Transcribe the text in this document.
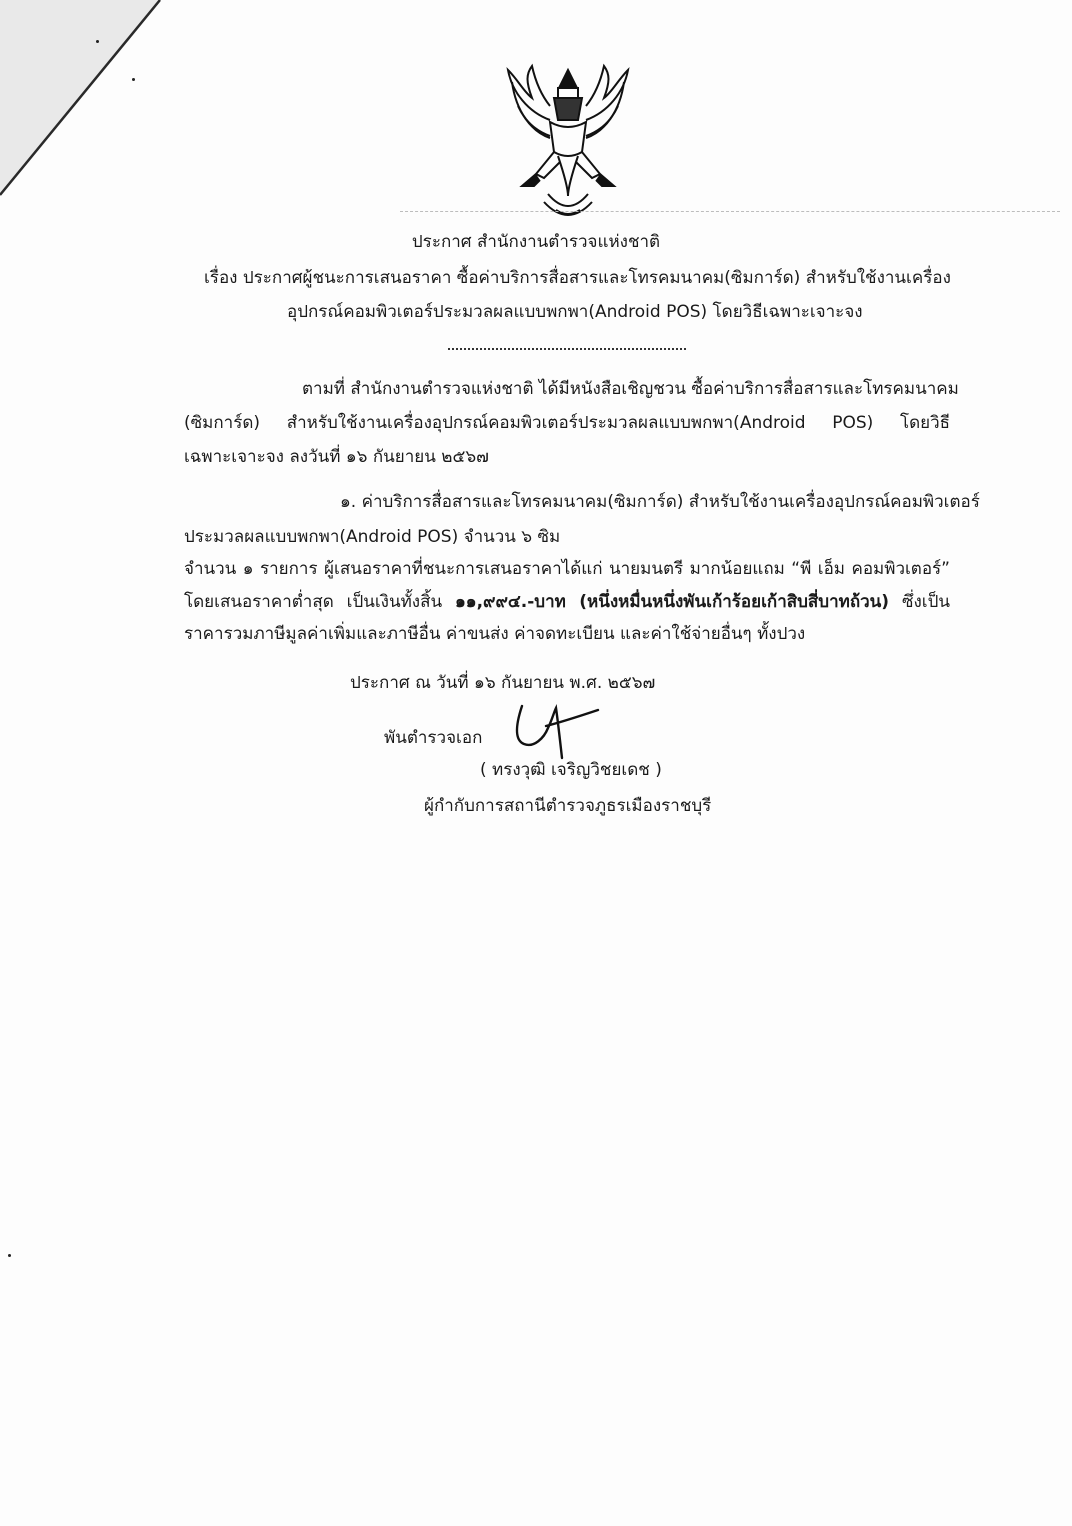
ประกาศ สำนักงานตำรวจแห่งชาติ
เรื่อง ประกาศผู้ชนะการเสนอราคา ซื้อค่าบริการสื่อสารและโทรคมนาคม(ซิมการ์ด) สำหรับใช้งานเครื่อง
อุปกรณ์คอมพิวเตอร์ประมวลผลแบบพกพา(Android POS) โดยวิธีเฉพาะเจาะจง
ตามที่ สำนักงานตำรวจแห่งชาติ ได้มีหนังสือเชิญชวน ซื้อค่าบริการสื่อสารและโทรคมนาคม
(ซิมการ์ด) สำหรับใช้งานเครื่องอุปกรณ์คอมพิวเตอร์ประมวลผลแบบพกพา(Android POS) โดยวิธี
เฉพาะเจาะจง ลงวันที่ ๑๖ กันยายน ๒๕๖๗
๑. ค่าบริการสื่อสารและโทรคมนาคม(ซิมการ์ด) สำหรับใช้งานเครื่องอุปกรณ์คอมพิวเตอร์
ประมวลผลแบบพกพา(Android POS) จำนวน ๖ ซิม
จำนวน ๑ รายการ ผู้เสนอราคาที่ชนะการเสนอราคาได้แก่ นายมนตรี มากน้อยแถม “พี เอ็ม คอมพิวเตอร์”
โดยเสนอราคาต่ำสุด เป็นเงินทั้งสิ้น ๑๑,๙๙๔.-บาท (หนึ่งหมื่นหนึ่งพันเก้าร้อยเก้าสิบสี่บาทถ้วน) ซึ่งเป็น
ราคารวมภาษีมูลค่าเพิ่มและภาษีอื่น ค่าขนส่ง ค่าจดทะเบียน และค่าใช้จ่ายอื่นๆ ทั้งปวง
ประกาศ ณ วันที่ ๑๖ กันยายน พ.ศ. ๒๕๖๗
พันตำรวจเอก
( ทรงวุฒิ เจริญวิชยเดช )
ผู้กำกับการสถานีตำรวจภูธรเมืองราชบุรี
